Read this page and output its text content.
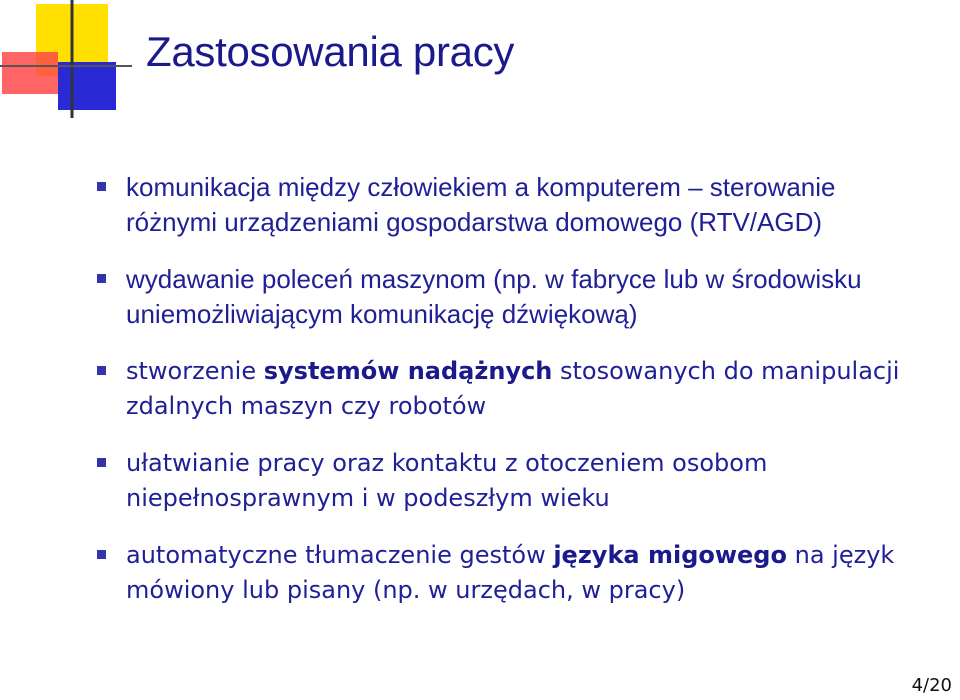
Zastosowania pracy
komunikacja między człowiekiem a komputerem – sterowanie różnymi urządzeniami gospodarstwa domowego (RTV/AGD)
wydawanie poleceń maszynom (np. w fabryce lub w środowisku uniemożliwiającym komunikację dźwiękową)
stworzenie systemów nadążnych stosowanych do manipulacji zdalnych maszyn czy robotów
ułatwianie pracy oraz kontaktu z otoczeniem osobom niepełnosprawnym i w podeszłym wieku
automatyczne tłumaczenie gestów języka migowego na język mówiony lub pisany (np. w urzędach, w pracy)
4/20
